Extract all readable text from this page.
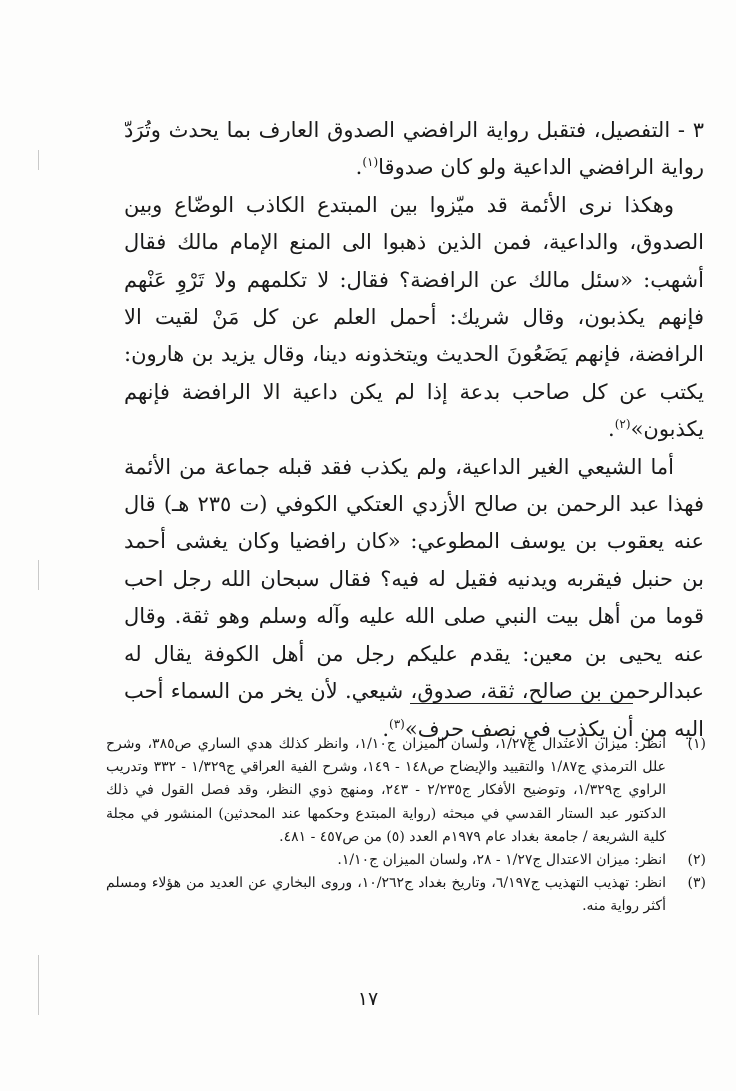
٣ - التفصيل، فتقبل رواية الرافضي الصدوق العارف بما يحدث وتُرَدّ رواية الرافضي الداعية ولو كان صدوقا$^{(١)}$.

وهكذا نرى الأئمة قد ميّزوا بين المبتدع الكاذب الوضّاع وبين الصدوق، والداعية، فمن الذين ذهبوا الى المنع الإمام مالك فقال أشهب: «سئل مالك عن الرافضة؟ فقال: لا تكلمهم ولا تَرْوِ عَنْهم فإنهم يكذبون، وقال شريك: أحمل العلم عن كل مَنْ لقيت الا الرافضة، فإنهم يَضَعُونَ الحديث ويتخذونه دينا، وقال يزيد بن هارون: يكتب عن كل صاحب بدعة إذا لم يكن داعية الا الرافضة فإنهم يكذبون»$^{(٢)}$.

أما الشيعي الغير الداعية، ولم يكذب فقد قبله جماعة من الأئمة فهذا عبد الرحمن بن صالح الأزدي العتكي الكوفي (ت ٢٣٥ هـ) قال عنه يعقوب بن يوسف المطوعي: «كان رافضيا وكان يغشى أحمد بن حنبل فيقربه ويدنيه فقيل له فيه؟ فقال سبحان الله رجل احب قوما من أهل بيت النبي صلى الله عليه وآله وسلم وهو ثقة. وقال عنه يحيى بن معين: يقدم عليكم رجل من أهل الكوفة يقال له عبدالرحمن بن صالح، ثقة، صدوق، شيعي. لأن يخر من السماء أحب اليه من أن يكذب في نصف حرف»$^{(٣)}$.

(١)
انظر: ميزان الاعتدال ج١/٢٧، ولسان الميزان ج١/١٠، وانظر كذلك هدي الساري ص٣٨٥، وشرح علل الترمذي ج١/٨٧ والتقييد والإيضاح ص١٤٨ - ١٤٩، وشرح الفية العراقي ج١/٣٢٩ - ٣٣٢ وتدريب الراوي ج١/٣٢٩، وتوضيح الأفكار ج٢/٢٣٥ - ٢٤٣، ومنهج ذوي النظر، وقد فصل القول في ذلك الدكتور عبد الستار القدسي في مبحثه (رواية المبتدع وحكمها عند المحدثين) المنشور في مجلة كلية الشريعة / جامعة بغداد عام ١٩٧٩م العدد (٥) من ص٤٥٧ - ٤٨١.
(٢)
انظر: ميزان الاعتدال ج١/٢٧ - ٢٨، ولسان الميزان ج١/١٠.
(٣)
انظر: تهذيب التهذيب ج٦/١٩٧، وتاريخ بغداد ج١٠/٢٦٢، وروى البخاري عن العديد من هؤلاء ومسلم أكثر رواية منه.
١٧
